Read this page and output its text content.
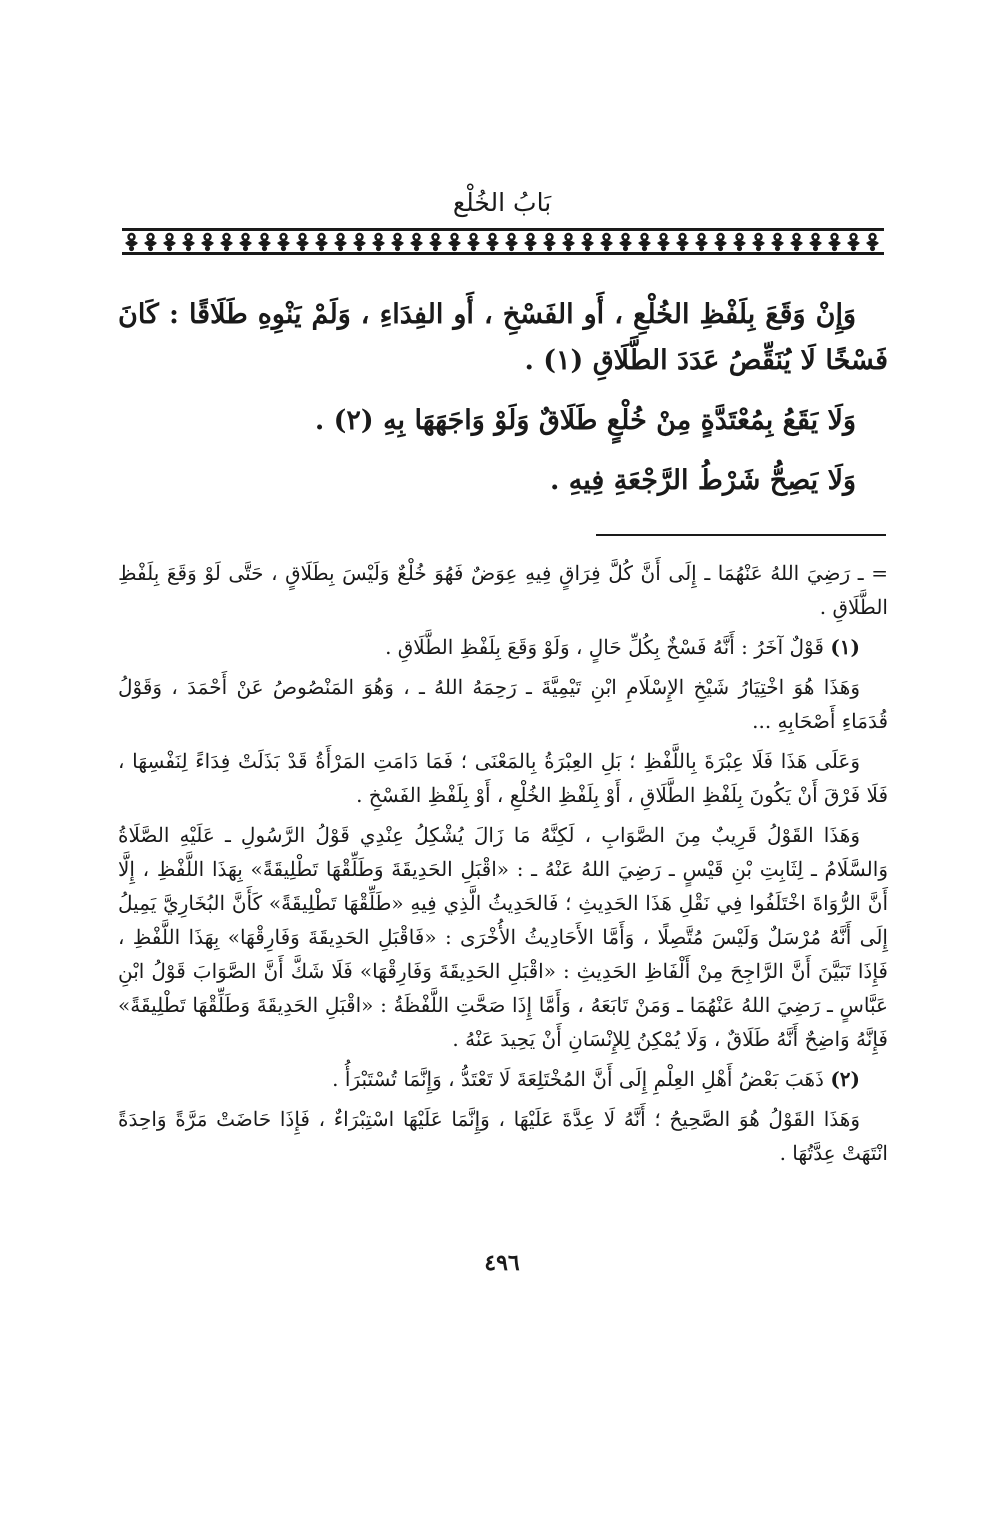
بَابُ الخُلْع

وَإِنْ وَقَعَ بِلَفْظِ الخُلْعِ ، أَو الفَسْخِ ، أَو الفِدَاءِ ، وَلَمْ يَنْوِهِ طَلَاقًا : كَانَ فَسْخًا لَا يُنَقِّصُ عَدَدَ الطَّلَاقِ (١) .

وَلَا يَقَعُ بِمُعْتَدَّةٍ مِنْ خُلْعٍ طَلَاقٌ وَلَوْ وَاجَهَهَا بِهِ (٢) .

وَلَا يَصِحُّ شَرْطُ الرَّجْعَةِ فِيهِ .

= ـ رَضِيَ اللهُ عَنْهُمَا ـ إِلَى أَنَّ كُلَّ فِرَاقٍ فِيهِ عِوَضٌ فَهُوَ خُلْعٌ وَلَيْسَ بِطَلَاقٍ ، حَتَّى لَوْ وَقَعَ بِلَفْظِ الطَّلَاقِ .

(١) قَوْلٌ آخَرُ : أَنَّهُ فَسْخٌ بِكُلِّ حَالٍ ، وَلَوْ وَقَعَ بِلَفْظِ الطَّلَاقِ .

وَهَذَا هُوَ اخْتِيَارُ شَيْخِ الإِسْلَامِ ابْنِ تَيْمِيَّةَ ـ رَحِمَهُ اللهُ ـ ، وَهُوَ المَنْصُوصُ عَنْ أَحْمَدَ ، وَقَوْلُ قُدَمَاءِ أَصْحَابِهِ ...

وَعَلَى هَذَا فَلَا عِبْرَةَ بِاللَّفْظِ ؛ بَلِ العِبْرَةُ بِالمَعْنَى ؛ فَمَا دَامَتِ المَرْأَةُ قَدْ بَذَلَتْ فِدَاءً لِنَفْسِهَا ، فَلَا فَرْقَ أَنْ يَكُونَ بِلَفْظِ الطَّلَاقِ ، أَوْ بِلَفْظِ الخُلْعِ ، أَوْ بِلَفْظِ الفَسْخِ .

وَهَذَا القَوْلُ قَرِيبٌ مِنَ الصَّوَابِ ، لَكِنَّهُ مَا زَالَ يُشْكِلُ عِنْدِي قَوْلُ الرَّسُولِ ـ عَلَيْهِ الصَّلَاةُ وَالسَّلَامُ ـ لِثَابِتِ بْنِ قَيْسٍ ـ رَضِيَ اللهُ عَنْهُ ـ : «اقْبَلِ الحَدِيقَةَ وَطَلِّقْهَا تَطْلِيقَةً» بِهَذَا اللَّفْظِ ، إِلَّا أَنَّ الرُّوَاةَ اخْتَلَفُوا فِي نَقْلِ هَذَا الحَدِيثِ ؛ فَالحَدِيثُ الَّذِي فِيهِ «طَلِّقْهَا تَطْلِيقَةً» كَأَنَّ البُخَارِيَّ يَمِيلُ إِلَى أَنَّهُ مُرْسَلٌ وَلَيْسَ مُتَّصِلًا ، وَأَمَّا الأَحَادِيثُ الأُخْرَى : «فَاقْبَلِ الحَدِيقَةَ وَفَارِقْهَا» بِهَذَا اللَّفْظِ ، فَإِذَا تَبَيَّنَ أَنَّ الرَّاجِحَ مِنْ أَلْفَاظِ الحَدِيثِ : «اقْبَلِ الحَدِيقَةَ وَفَارِقْهَا» فَلَا شَكَّ أَنَّ الصَّوَابَ قَوْلُ ابْنِ عَبَّاسٍ ـ رَضِيَ اللهُ عَنْهُمَا ـ وَمَنْ تَابَعَهُ ، وَأَمَّا إِذَا صَحَّتِ اللَّفْظَةُ : «اقْبَلِ الحَدِيقَةَ وَطَلِّقْهَا تَطْلِيقَةً» فَإِنَّهُ وَاضِحٌ أَنَّهُ طَلَاقٌ ، وَلَا يُمْكِنُ لِلإِنْسَانِ أَنْ يَحِيدَ عَنْهُ .

(٢) ذَهَبَ بَعْضُ أَهْلِ العِلْمِ إِلَى أَنَّ المُخْتَلِعَةَ لَا تَعْتَدُّ ، وَإِنَّمَا تُسْتَبْرَأُ .

وَهَذَا القَوْلُ هُوَ الصَّحِيحُ ؛ أَنَّهُ لَا عِدَّةَ عَلَيْهَا ، وَإِنَّمَا عَلَيْهَا اسْتِبْرَاءٌ ، فَإِذَا حَاضَتْ مَرَّةً وَاحِدَةً انْتَهَتْ عِدَّتُهَا .

٤٩٦
